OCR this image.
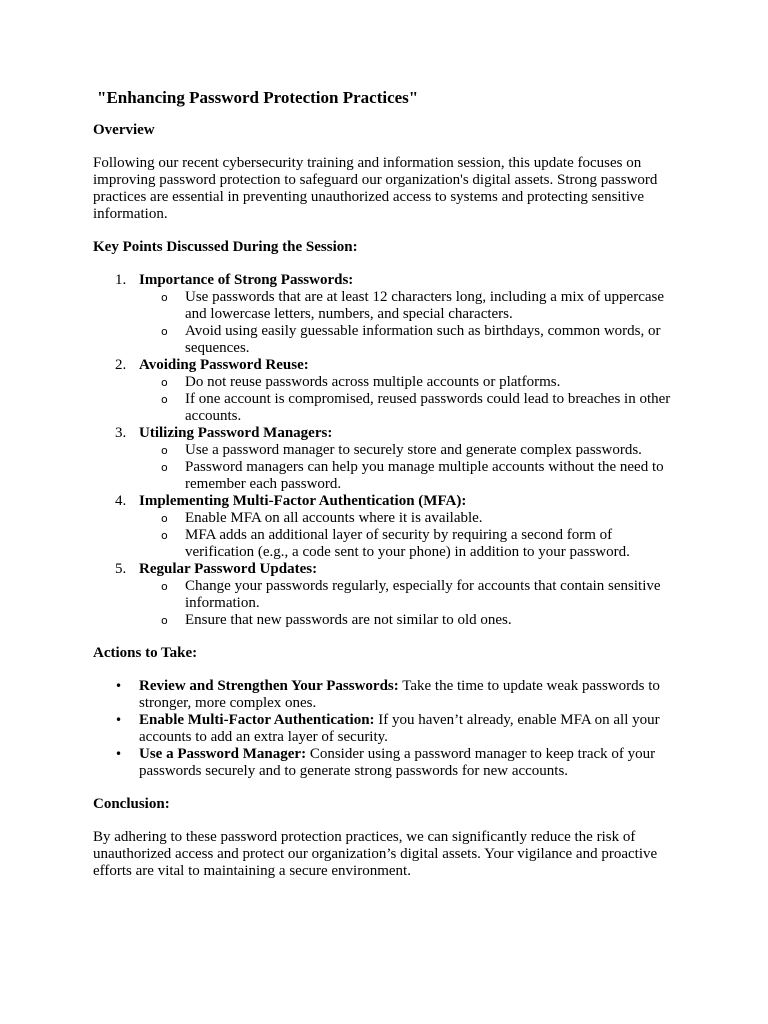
"Enhancing Password Protection Practices"
Overview
Following our recent cybersecurity training and information session, this update focuses on improving password protection to safeguard our organization's digital assets. Strong password practices are essential in preventing unauthorized access to systems and protecting sensitive information.
Key Points Discussed During the Session:
1. Importance of Strong Passwords:
o Use passwords that are at least 12 characters long, including a mix of uppercase and lowercase letters, numbers, and special characters.
o Avoid using easily guessable information such as birthdays, common words, or sequences.
2. Avoiding Password Reuse:
o Do not reuse passwords across multiple accounts or platforms.
o If one account is compromised, reused passwords could lead to breaches in other accounts.
3. Utilizing Password Managers:
o Use a password manager to securely store and generate complex passwords.
o Password managers can help you manage multiple accounts without the need to remember each password.
4. Implementing Multi-Factor Authentication (MFA):
o Enable MFA on all accounts where it is available.
o MFA adds an additional layer of security by requiring a second form of verification (e.g., a code sent to your phone) in addition to your password.
5. Regular Password Updates:
o Change your passwords regularly, especially for accounts that contain sensitive information.
o Ensure that new passwords are not similar to old ones.
Actions to Take:
• Review and Strengthen Your Passwords: Take the time to update weak passwords to stronger, more complex ones.
• Enable Multi-Factor Authentication: If you haven’t already, enable MFA on all your accounts to add an extra layer of security.
• Use a Password Manager: Consider using a password manager to keep track of your passwords securely and to generate strong passwords for new accounts.
Conclusion:
By adhering to these password protection practices, we can significantly reduce the risk of unauthorized access and protect our organization’s digital assets. Your vigilance and proactive efforts are vital to maintaining a secure environment.
